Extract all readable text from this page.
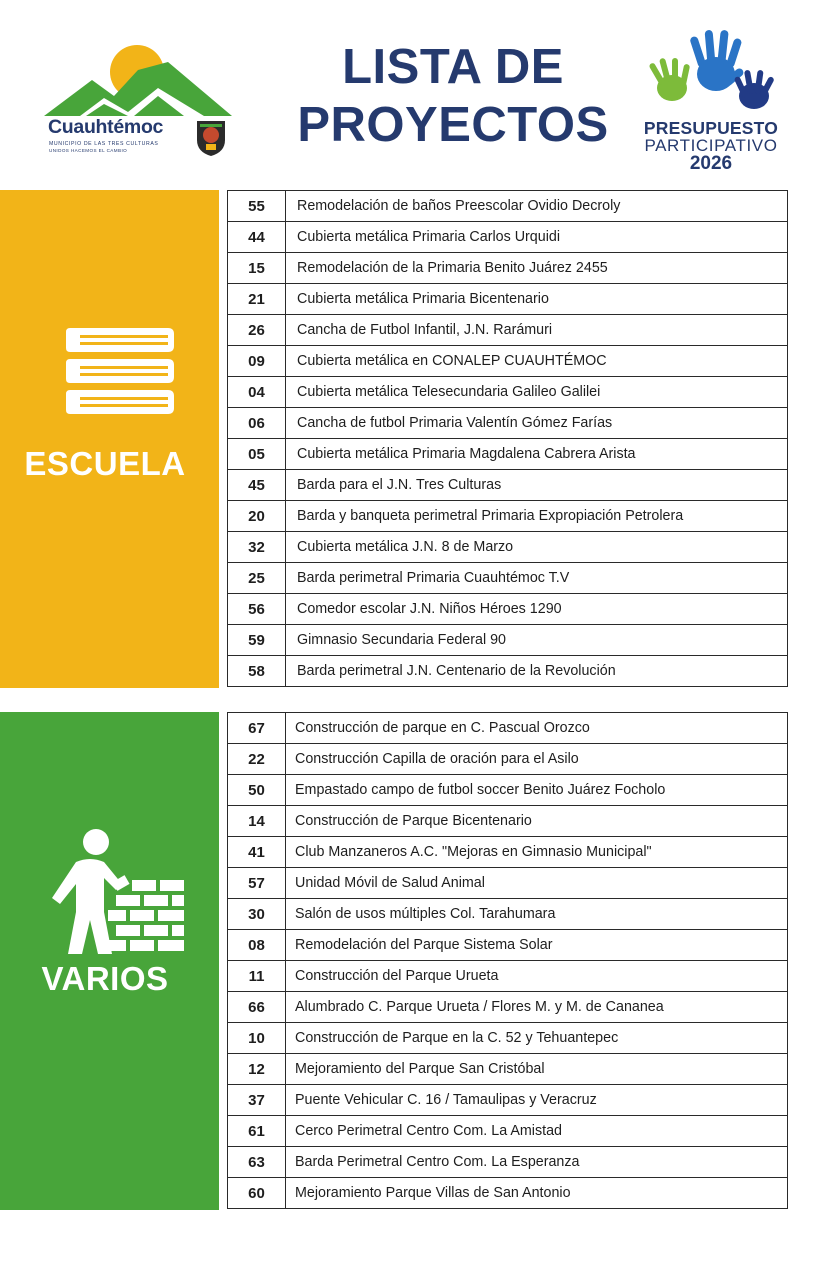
Cuauhtémoc
MUNICIPIO DE LAS TRES CULTURAS
UNIDOS HACEMOS EL CAMBIO
LISTA DE
PROYECTOS	PRESUPUESTO
PARTICIPATIVO
2026
ESCUELA
55	Remodelación de baños Preescolar Ovidio Decroly
44	Cubierta metálica Primaria Carlos Urquidi
15	Remodelación de la Primaria Benito Juárez 2455
21	Cubierta metálica Primaria Bicentenario
26	Cancha de Futbol Infantil, J.N. Rarámuri
09	Cubierta metálica en CONALEP CUAUHTÉMOC
04	Cubierta metálica Telesecundaria Galileo Galilei
06	Cancha de futbol Primaria Valentín Gómez Farías
05	Cubierta metálica Primaria Magdalena Cabrera Arista
45	Barda para el J.N. Tres Culturas
20	Barda y banqueta perimetral Primaria Expropiación Petrolera
32	Cubierta metálica J.N. 8 de Marzo
25	Barda perimetral Primaria Cuauhtémoc T.V
56	Comedor escolar J.N. Niños Héroes 1290
59	Gimnasio Secundaria Federal 90
58	Barda perimetral J.N. Centenario de la Revolución
VARIOS
67	Construcción de parque en C. Pascual Orozco
22	Construcción Capilla de oración para el Asilo
50	Empastado campo de futbol soccer Benito Juárez Focholo
14	Construcción de Parque Bicentenario
41	Club Manzaneros A.C. "Mejoras en Gimnasio Municipal"
57	Unidad Móvil de Salud Animal
30	Salón de usos múltiples Col. Tarahumara
08	Remodelación del Parque Sistema Solar
11	Construcción del Parque Urueta
66	Alumbrado C. Parque Urueta / Flores M. y M. de Cananea
10	Construcción de Parque en la C. 52 y Tehuantepec
12	Mejoramiento del Parque San Cristóbal
37	Puente Vehicular C. 16 / Tamaulipas y Veracruz
61	Cerco Perimetral Centro Com. La Amistad
63	Barda Perimetral Centro Com. La Esperanza
60	Mejoramiento Parque Villas de San Antonio
